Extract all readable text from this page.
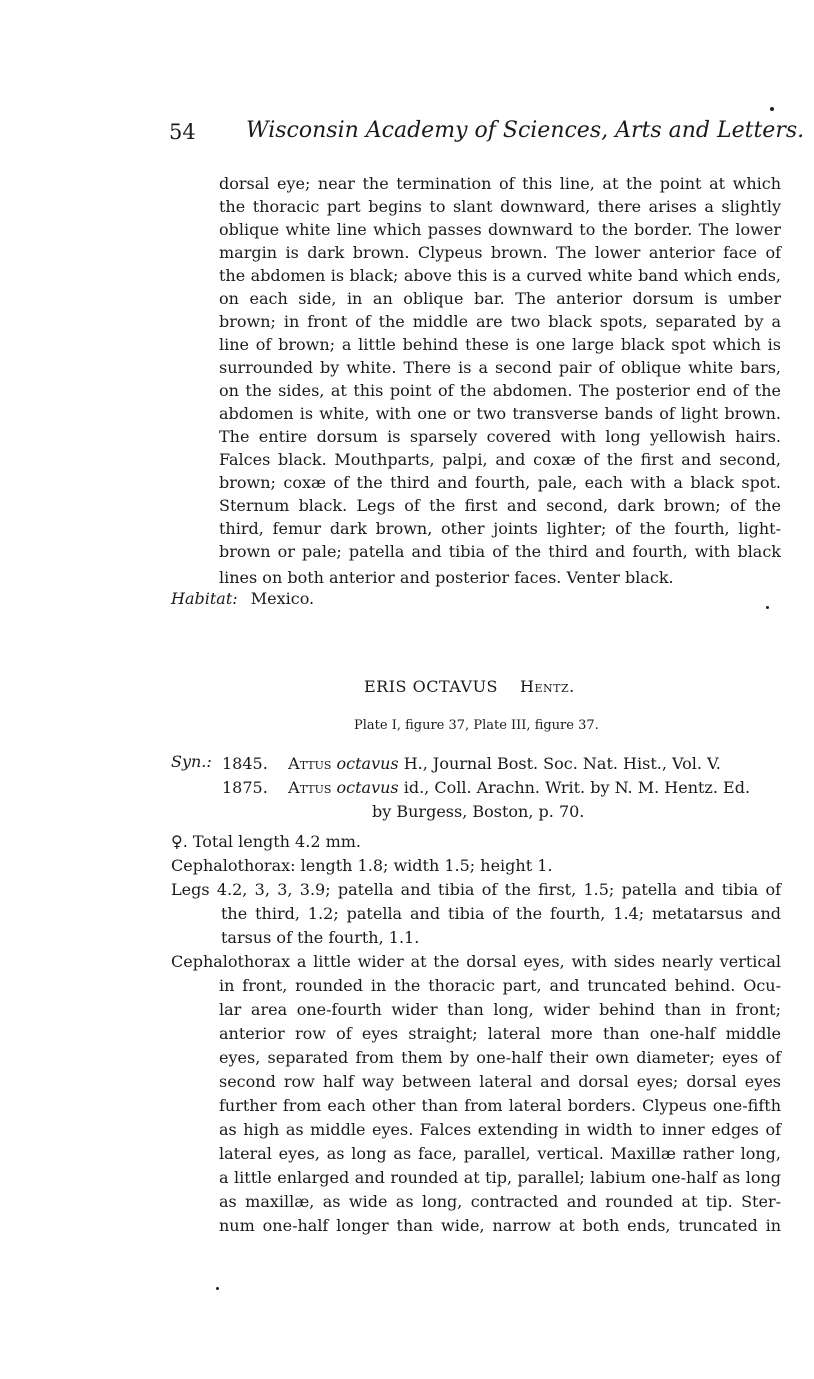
54 Wisconsin Academy of Sciences, Arts and Letters.
dorsal eye; near the termination of this line, at the point at which
the thoracic part begins to slant downward, there arises a slightly
oblique white line which passes downward to the border. The lower
margin is dark brown. Clypeus brown. The lower anterior face of
the abdomen is black; above this is a curved white band which ends,
on each side, in an oblique bar. The anterior dorsum is umber
brown; in front of the middle are two black spots, separated by a
line of brown; a little behind these is one large black spot which is
surrounded by white. There is a second pair of oblique white bars,
on the sides, at this point of the abdomen. The posterior end of the
abdomen is white, with one or two transverse bands of light brown.
The entire dorsum is sparsely covered with long yellowish hairs.
Falces black. Mouthparts, palpi, and coxæ of the first and second,
brown; coxæ of the third and fourth, pale, each with a black spot.
Sternum black. Legs of the first and second, dark brown; of the
third, femur dark brown, other joints lighter; of the fourth, light-
brown or pale; patella and tibia of the third and fourth, with black
lines on both anterior and posterior faces. Venter black.
Habitat: Mexico.
ERIS OCTAVUS Hentz.
Plate I, figure 37, Plate III, figure 37.
Syn.: 1845. Attus octavus H., Journal Bost. Soc. Nat. Hist., Vol. V.
1875. Attus octavus id., Coll. Arachn. Writ. by N. M. Hentz. Ed.
by Burgess, Boston, p. 70.
♀. Total length 4.2 mm.
Cephalothorax: length 1.8; width 1.5; height 1.
Legs 4.2, 3, 3, 3.9; patella and tibia of the first, 1.5; patella and tibia of
the third, 1.2; patella and tibia of the fourth, 1.4; metatarsus and
tarsus of the fourth, 1.1.
Cephalothorax a little wider at the dorsal eyes, with sides nearly vertical
in front, rounded in the thoracic part, and truncated behind. Ocu-
lar area one-fourth wider than long, wider behind than in front;
anterior row of eyes straight; lateral more than one-half middle
eyes, separated from them by one-half their own diameter; eyes of
second row half way between lateral and dorsal eyes; dorsal eyes
further from each other than from lateral borders. Clypeus one-fifth
as high as middle eyes. Falces extending in width to inner edges of
lateral eyes, as long as face, parallel, vertical. Maxillæ rather long,
a little enlarged and rounded at tip, parallel; labium one-half as long
as maxillæ, as wide as long, contracted and rounded at tip. Ster-
num one-half longer than wide, narrow at both ends, truncated in
